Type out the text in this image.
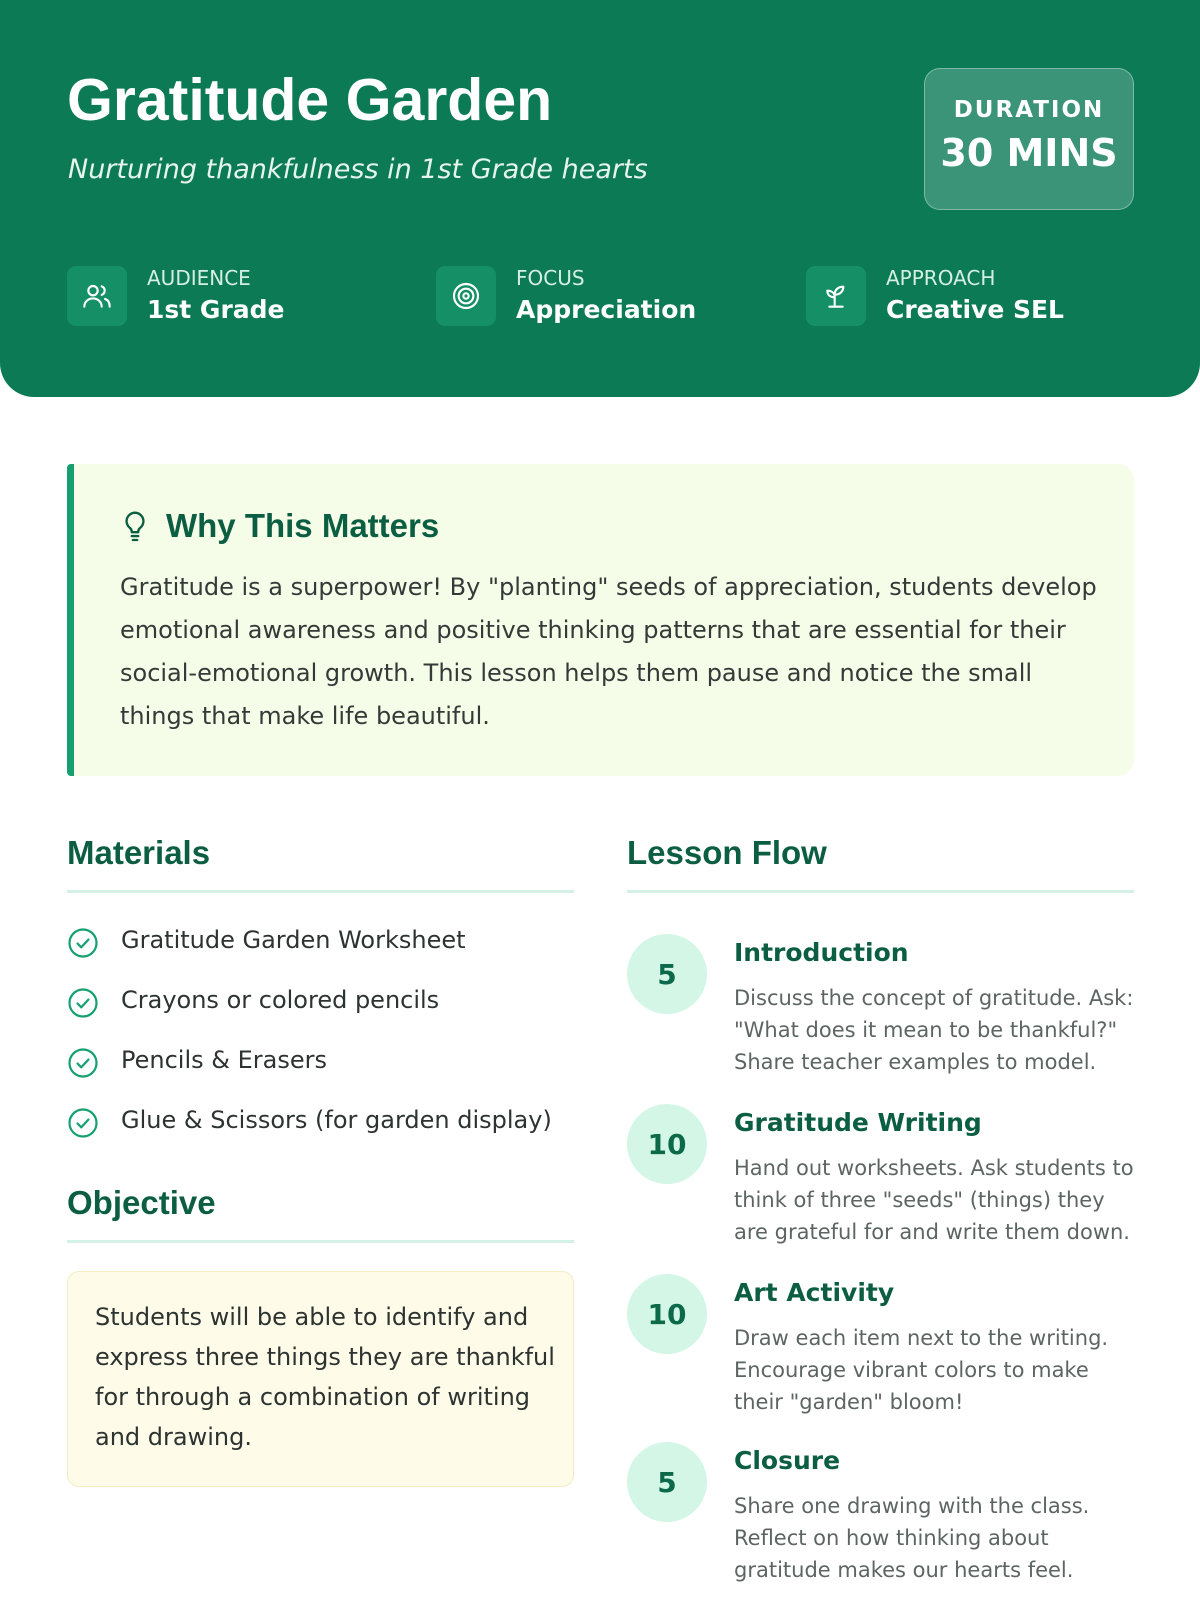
Gratitude Garden
Nurturing thankfulness in 1st Grade hearts
DURATION
30 MINS
AUDIENCE
1st Grade
FOCUS
Appreciation
APPROACH
Creative SEL
Why This Matters
Gratitude is a superpower! By "planting" seeds of appreciation, students develop emotional awareness and positive thinking patterns that are essential for their social-emotional growth. This lesson helps them pause and notice the small things that make life beautiful.
Materials
Gratitude Garden Worksheet
Crayons or colored pencils
Pencils & Erasers
Glue & Scissors (for garden display)
Objective
Students will be able to identify and express three things they are thankful for through a combination of writing and drawing.
Lesson Flow
5
Introduction
Discuss the concept of gratitude. Ask: "What does it mean to be thankful?" Share teacher examples to model.
10
Gratitude Writing
Hand out worksheets. Ask students to think of three "seeds" (things) they are grateful for and write them down.
10
Art Activity
Draw each item next to the writing. Encourage vibrant colors to make their "garden" bloom!
5
Closure
Share one drawing with the class. Reflect on how thinking about gratitude makes our hearts feel.
